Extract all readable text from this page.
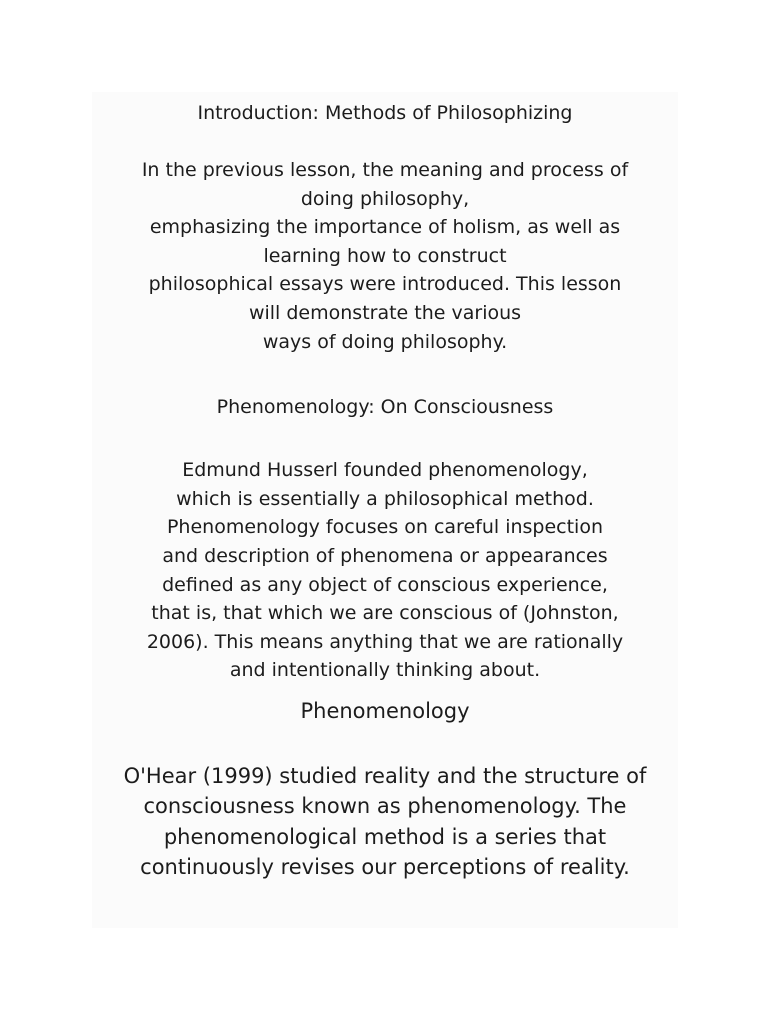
Introduction: Methods of Philosophizing

In the previous lesson, the meaning and process of
doing philosophy,
emphasizing the importance of holism, as well as
learning how to construct
philosophical essays were introduced. This lesson
will demonstrate the various
ways of doing philosophy.

Phenomenology: On Consciousness

Edmund Husserl founded phenomenology,
which is essentially a philosophical method.
Phenomenology focuses on careful inspection
and description of phenomena or appearances
defined as any object of conscious experience,
that is, that which we are conscious of (Johnston,
2006). This means anything that we are rationally
and intentionally thinking about.

Phenomenology

O'Hear (1999) studied reality and the structure of
consciousness known as phenomenology. The
phenomenological method is a series that
continuously revises our perceptions of reality.
